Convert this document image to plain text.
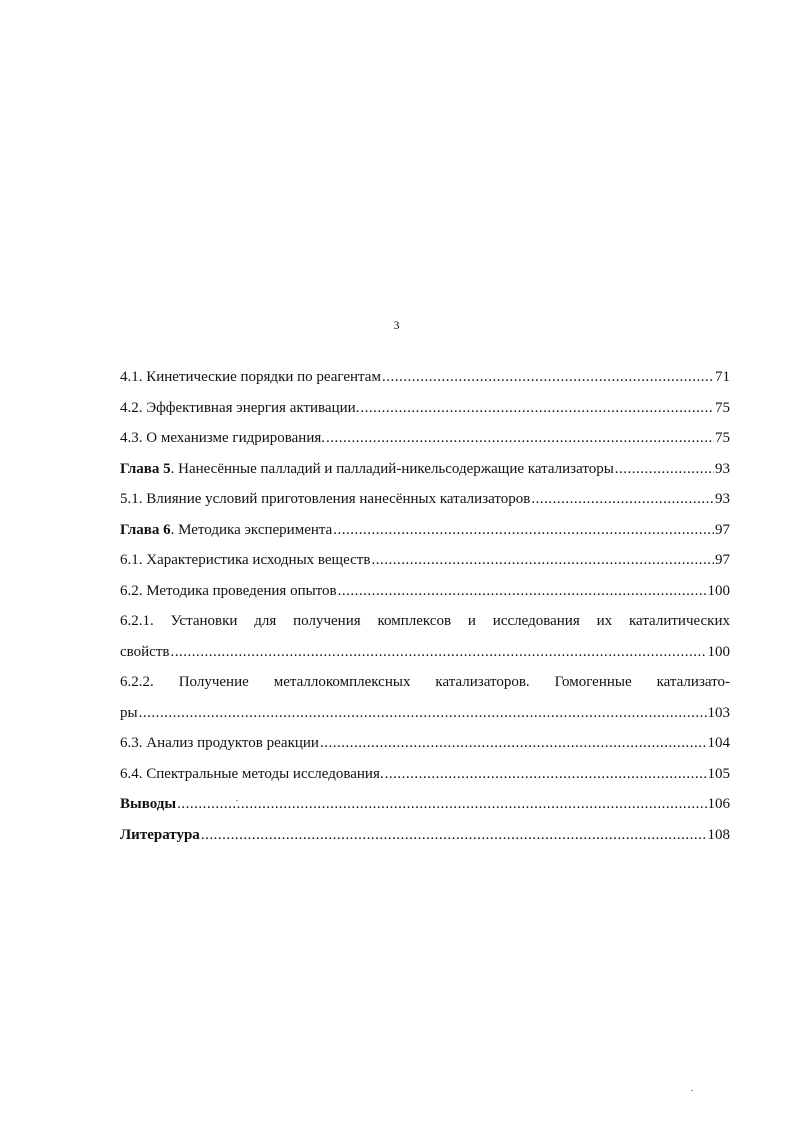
3
4.1. Кинетические порядки по реагентам .....	71
4.2. Эффективная энергия активации. .....	75
4.3. О механизме гидрирования. .....	75
Глава 5. Нанесённые палладий и палладий-никельсодержащие катализаторы .....	93
5.1. Влияние условий приготовления нанесённых катализаторов .....	93
Глава 6. Методика эксперимента .....	97
6.1. Характеристика исходных веществ .....	97
6.2. Методика проведения опытов .....	100
6.2.1. Установки для получения комплексов и исследования их каталитических
свойств .....	100
6.2.2. Получение металлокомплексных катализаторов. Гомогенные катализато-
ры .....	103
6.3. Анализ продуктов реакции .....	104
6.4. Спектральные методы исследования. .....	105
Выводы .....	106
Литература .....	108
